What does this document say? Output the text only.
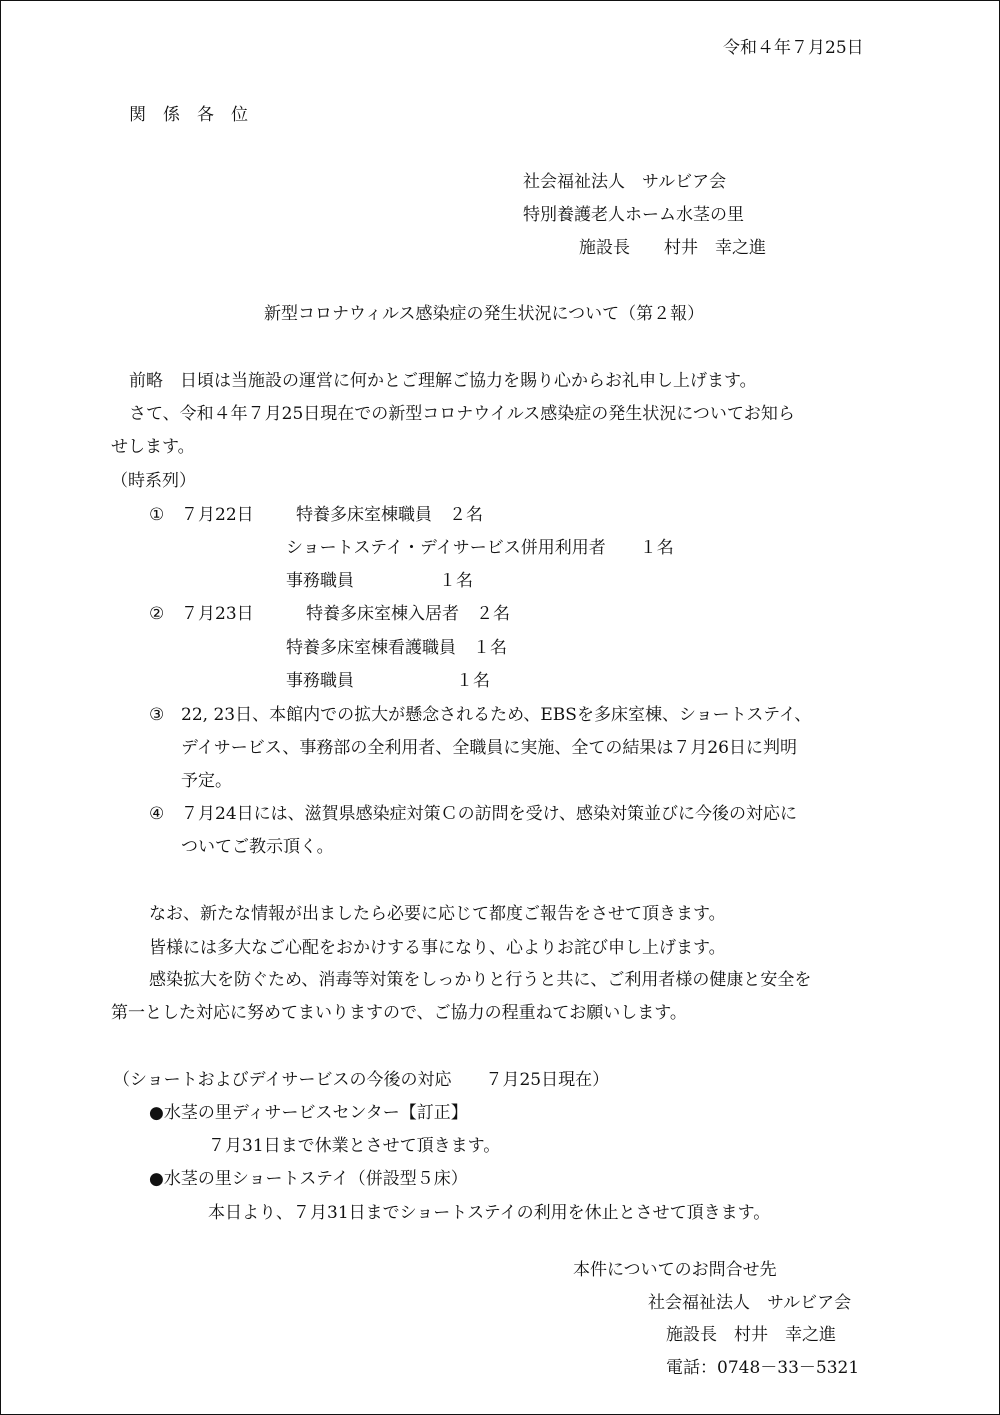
令和４年７月25日
関　係　各　位
社会福祉法人　サルビア会
特別養護老人ホーム水茎の里
施設長　　村井　幸之進
新型コロナウィルス感染症の発生状況について（第２報）
前略　日頃は当施設の運営に何かとご理解ご協力を賜り心からお礼申し上げます。
さて、令和４年７月25日現在での新型コロナウイルス感染症の発生状況についてお知ら
せします。
（時系列）
① ７月22日 特養多床室棟職員　２名
ショートステイ・デイサービス併用利用者　　１名
事務職員　　　　　１名
② ７月23日	特養多床室棟入居者　２名
特養多床室棟看護職員　１名
事務職員　　　　　　１名
③ 22, 23日、本館内での拡大が懸念されるため、EBSを多床室棟、ショートステイ、
デイサービス、事務部の全利用者、全職員に実施、全ての結果は７月26日に判明
予定。
④ ７月24日には、滋賀県感染症対策Ｃの訪問を受け、感染対策並びに今後の対応に
ついてご教示頂く。
なお、新たな情報が出ましたら必要に応じて都度ご報告をさせて頂きます。
皆様には多大なご心配をおかけする事になり、心よりお詫び申し上げます。
感染拡大を防ぐため、消毒等対策をしっかりと行うと共に、ご利用者様の健康と安全を
第一とした対応に努めてまいりますので、ご協力の程重ねてお願いします。
（ショートおよびデイサービスの今後の対応　　７月25日現在）
●水茎の里ディサービスセンター【訂正】
７月31日まで休業とさせて頂きます。
●水茎の里ショートステイ（併設型５床）
本日より、７月31日までショートステイの利用を休止とさせて頂きます。
本件についてのお問合せ先
社会福祉法人　サルビア会
施設長　村井　幸之進
電話：0748－33－5321
